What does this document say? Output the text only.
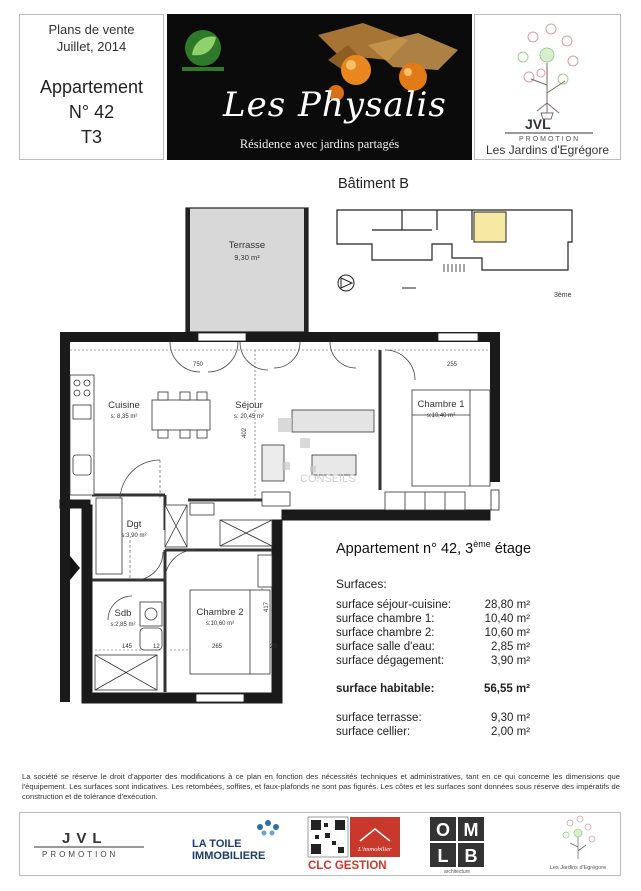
Plans de vente
Juillet, 2014
Appartement
N° 42
T3
Les Physalis
Résidence avec jardins partagés
JVL
PROMOTION
Les Jardins d'Egrégore
Bâtiment B
3ème
CONSEILS
Terrasse
9,30 m²
Cuisine
s: 8,35 m²
Séjour
s: 20,45 m²
Chambre 1
s:10,40 m²
Dgt
s:3,90 m²
Sdb
s:2,85 m²
Chambre 2
s:10,60 m²
750	255
402
417
265	20
145	12
Appartement n° 42, 3ème étage
Surfaces:
surface séjour-cuisine:	28,80 m²
surface chambre 1:	10,40 m²
surface chambre 2:	10,60 m²
surface salle d'eau:	2,85 m²
surface dégagement:	3,90 m²
surface habitable:	56,55 m²
surface terrasse:	9,30 m²
surface cellier:	2,00 m²
La société se réserve le droit d'apporter des modifications à ce plan en fonction des nécessités techniques et administratives, tant en ce qui concerne les dimensions que l'équipement. Les surfaces sont indicatives. Les retombées, soffites, et faux-plafonds ne sont pas figurés. Les côtes et les surfaces sont données sous réserve des impératifs de construction et de tolérance d'exécution.
JVL
PROMOTION
LA TOILE
IMMOBILIERE
L'immobilier
CLC GESTION
O M
L B
architecture
Les Jardins d'Egrégore
